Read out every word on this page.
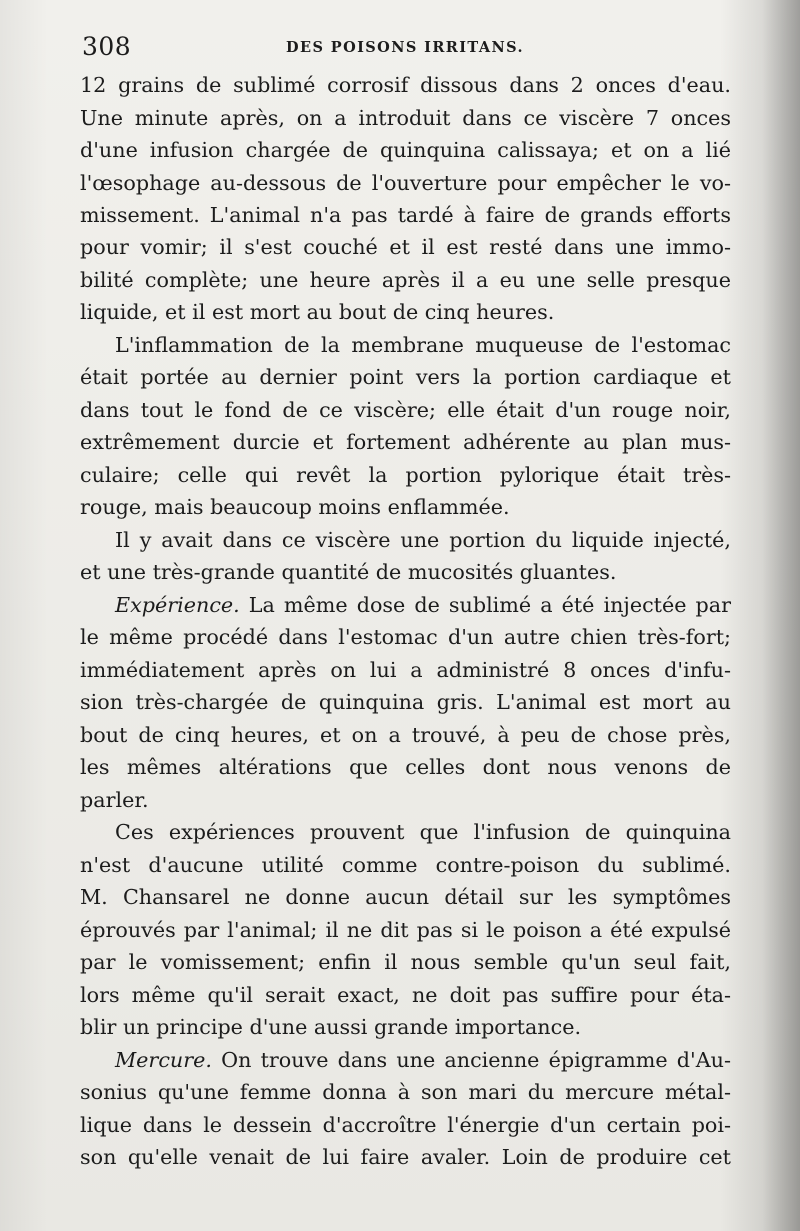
308	DES POISONS IRRITANS.
12 grains de sublimé corrosif dissous dans 2 onces d'eau.
Une minute après, on a introduit dans ce viscère 7 onces
d'une infusion chargée de quinquina calissaya; et on a lié
l'œsophage au-dessous de l'ouverture pour empêcher le vo-
missement. L'animal n'a pas tardé à faire de grands efforts
pour vomir; il s'est couché et il est resté dans une immo-
bilité complète; une heure après il a eu une selle presque
liquide, et il est mort au bout de cinq heures.
L'inflammation de la membrane muqueuse de l'estomac
était portée au dernier point vers la portion cardiaque et
dans tout le fond de ce viscère; elle était d'un rouge noir,
extrêmement durcie et fortement adhérente au plan mus-
culaire; celle qui revêt la portion pylorique était très-
rouge, mais beaucoup moins enflammée.
Il y avait dans ce viscère une portion du liquide injecté,
et une très-grande quantité de mucosités gluantes.
Expérience. La même dose de sublimé a été injectée par
le même procédé dans l'estomac d'un autre chien très-fort;
immédiatement après on lui a administré 8 onces d'infu-
sion très-chargée de quinquina gris. L'animal est mort au
bout de cinq heures, et on a trouvé, à peu de chose près,
les mêmes altérations que celles dont nous venons de
parler.
Ces expériences prouvent que l'infusion de quinquina
n'est d'aucune utilité comme contre-poison du sublimé.
M. Chansarel ne donne aucun détail sur les symptômes
éprouvés par l'animal; il ne dit pas si le poison a été expulsé
par le vomissement; enfin il nous semble qu'un seul fait,
lors même qu'il serait exact, ne doit pas suffire pour éta-
blir un principe d'une aussi grande importance.
Mercure. On trouve dans une ancienne épigramme d'Au-
sonius qu'une femme donna à son mari du mercure métal-
lique dans le dessein d'accroître l'énergie d'un certain poi-
son qu'elle venait de lui faire avaler. Loin de produire cet
